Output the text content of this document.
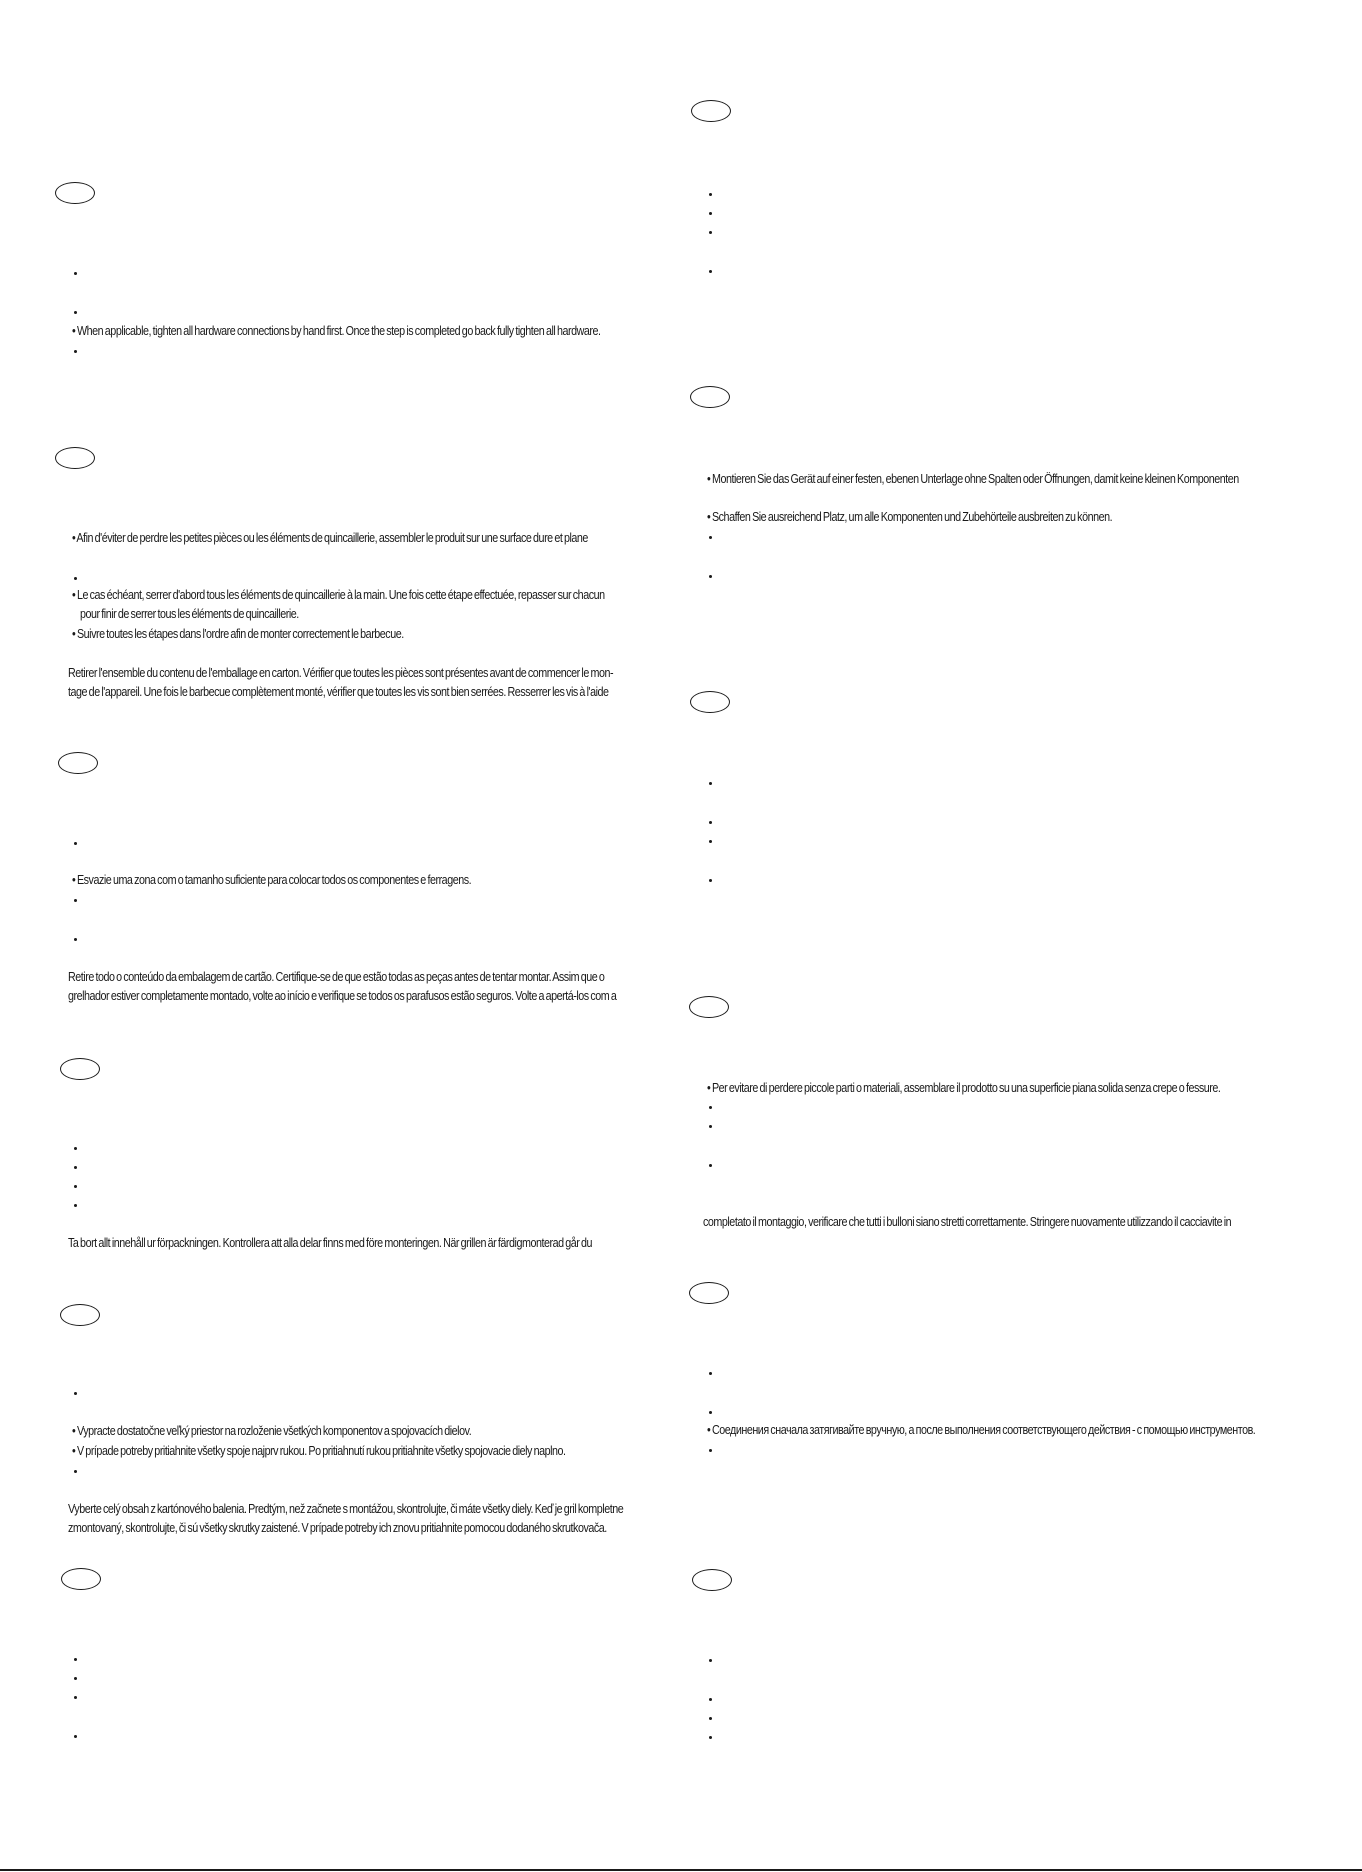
• When applicable, tighten all hardware connections by hand first. Once the step is completed go back fully tighten all hardware.
• Afin d'éviter de perdre les petites pièces ou les éléments de quincaillerie, assembler le produit sur une surface dure et plane
• Le cas échéant, serrer d'abord tous les éléments de quincaillerie à la main. Une fois cette étape effectuée, repasser sur chacun
pour finir de serrer tous les éléments de quincaillerie.
• Suivre toutes les étapes dans l'ordre afin de monter correctement le barbecue.
Retirer l'ensemble du contenu de l'emballage en carton. Vérifier que toutes les pièces sont présentes avant de commencer le mon-
tage de l'appareil. Une fois le barbecue complètement monté, vérifier que toutes les vis sont bien serrées. Resserrer les vis à l'aide
• Esvazie uma zona com o tamanho suficiente para colocar todos os componentes e ferragens.
Retire todo o conteúdo da embalagem de cartão. Certifique-se de que estão todas as peças antes de tentar montar. Assim que o
grelhador estiver completamente montado, volte ao início e verifique se todos os parafusos estão seguros. Volte a apertá-los com a
Ta bort allt innehåll ur förpackningen. Kontrollera att alla delar finns med före monteringen. När grillen är färdigmonterad går du
• Vypracte dostatočne veľký priestor na rozloženie všetkých komponentov a spojovacích dielov.
• V prípade potreby pritiahnite všetky spoje najprv rukou. Po pritiahnutí rukou pritiahnite všetky spojovacie diely naplno.
Vyberte celý obsah z kartónového balenia. Predtým, než začnete s montážou, skontrolujte, či máte všetky diely. Keď je gril kompletne
zmontovaný, skontrolujte, či sú všetky skrutky zaistené. V prípade potreby ich znovu pritiahnite pomocou dodaného skrutkovača.
• Montieren Sie das Gerät auf einer festen, ebenen Unterlage ohne Spalten oder Öffnungen, damit keine kleinen Komponenten
• Schaffen Sie ausreichend Platz, um alle Komponenten und Zubehörteile ausbreiten zu können.
• Per evitare di perdere piccole parti o materiali, assemblare il prodotto su una superficie piana solida senza crepe o fessure.
completato il montaggio, verificare che tutti i bulloni siano stretti correttamente. Stringere nuovamente utilizzando il cacciavite in
• Соединения сначала затягивайте вручную, а после выполнения соответствующего действия - с помощью инструментов.
